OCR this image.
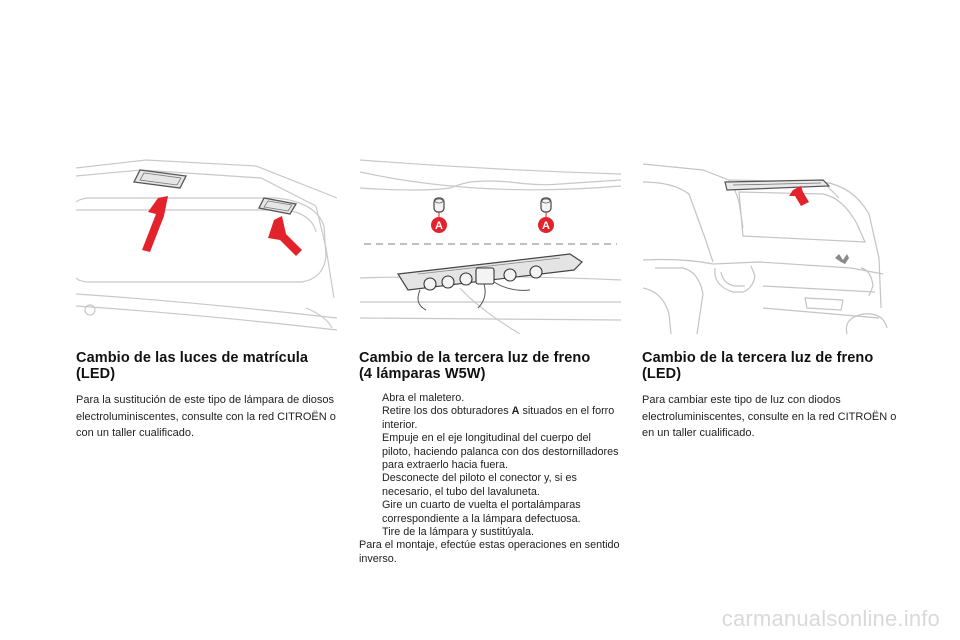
A	A
Cambio de las luces de matrícula
(LED)

Para la sustitución de este tipo de lámpara de diosos electroluminiscentes, consulte con la red CITROËN o con un taller cualificado.

Cambio de la tercera luz de freno
(4 lámparas W5W)
Abra el maletero.
Retire los dos obturadores A situados en el forro interior.
Empuje en el eje longitudinal del cuerpo del piloto, haciendo palanca con dos destornilladores para extraerlo hacia fuera.
Desconecte del piloto el conector y, si es necesario, el tubo del lavaluneta.
Gire un cuarto de vuelta el portalámparas correspondiente a la lámpara defectuosa.
Tire de la lámpara y sustitúyala.

Para el montaje, efectúe estas operaciones en sentido inverso.

Cambio de la tercera luz de freno
(LED)

Para cambiar este tipo de luz con diodos electroluminiscentes, consulte en la red CITROËN o en un taller cualificado.

carmanualsonline.info
